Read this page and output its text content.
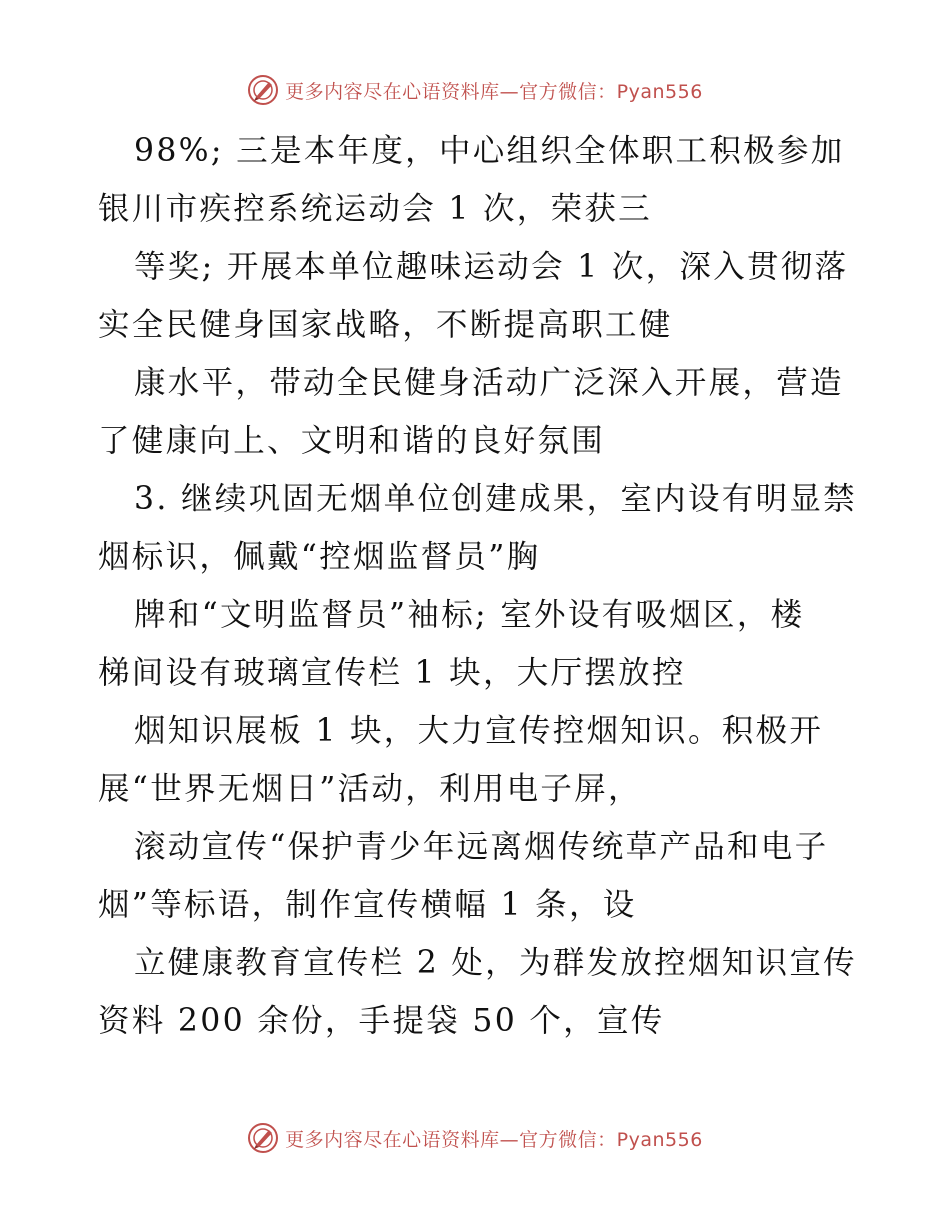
更多内容尽在心语资料库—官方微信：Pyan556
98%; 三是本年度，中心组织全体职工积极参加
银川市疾控系统运动会 1 次，荣获三
等奖; 开展本单位趣味运动会 1 次，深入贯彻落
实全民健身国家战略，不断提高职工健
康水平，带动全民健身活动广泛深入开展，营造
了健康向上、文明和谐的良好氛围
3. 继续巩固无烟单位创建成果，室内设有明显禁
烟标识，佩戴“控烟监督员”胸
牌和“文明监督员”袖标; 室外设有吸烟区，楼
梯间设有玻璃宣传栏 1 块，大厅摆放控
烟知识展板 1 块，大力宣传控烟知识。积极开
展“世界无烟日”活动，利用电子屏，
滚动宣传“保护青少年远离烟传统草产品和电子
烟”等标语，制作宣传横幅 1 条，设
立健康教育宣传栏 2 处，为群发放控烟知识宣传
资料 200 余份，手提袋 50 个，宣传
更多内容尽在心语资料库—官方微信：Pyan556
